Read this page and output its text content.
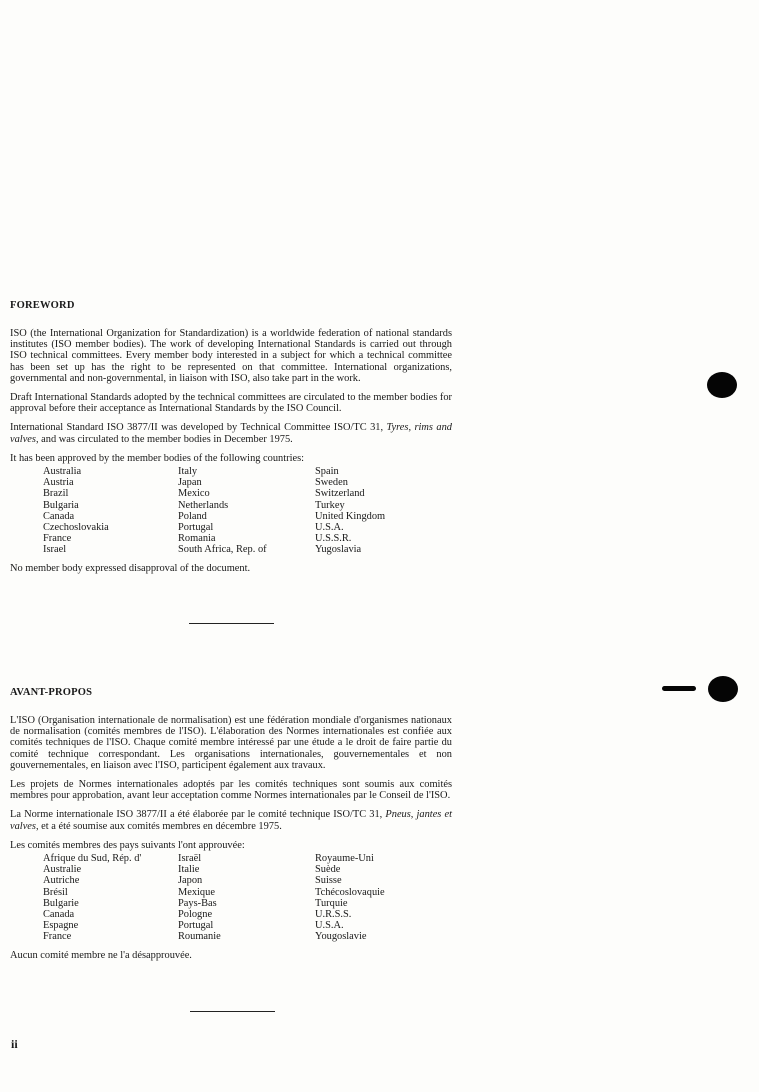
FOREWORD

ISO (the International Organization for Standardization) is a worldwide federation of national standards institutes (ISO member bodies). The work of developing International Standards is carried out through ISO technical committees. Every member body interested in a subject for which a technical committee has been set up has the right to be represented on that committee. International organizations, governmental and non-governmental, in liaison with ISO, also take part in the work.

Draft International Standards adopted by the technical committees are circulated to the member bodies for approval before their acceptance as International Standards by the ISO Council.

International Standard ISO 3877/II was developed by Technical Committee ISO/TC 31, Tyres, rims and valves, and was circulated to the member bodies in December 1975.

It has been approved by the member bodies of the following countries:

Australia
Austria
Brazil
Bulgaria
Canada
Czechoslovakia
France
Israel
Italy
Japan
Mexico
Netherlands
Poland
Portugal
Romania
South Africa, Rep. of
Spain
Sweden
Switzerland
Turkey
United Kingdom
U.S.A.
U.S.S.R.
Yugoslavia

No member body expressed disapproval of the document.

AVANT-PROPOS

L'ISO (Organisation internationale de normalisation) est une fédération mondiale d'organismes nationaux de normalisation (comités membres de l'ISO). L'élaboration des Normes internationales est confiée aux comités techniques de l'ISO. Chaque comité membre intéressé par une étude a le droit de faire partie du comité technique correspondant. Les organisations internationales, gouvernementales et non gouvernementales, en liaison avec l'ISO, participent également aux travaux.

Les projets de Normes internationales adoptés par les comités techniques sont soumis aux comités membres pour approbation, avant leur acceptation comme Normes internationales par le Conseil de l'ISO.

La Norme internationale ISO 3877/II a été élaborée par le comité technique ISO/TC 31, Pneus, jantes et valves, et a été soumise aux comités membres en décembre 1975.

Les comités membres des pays suivants l'ont approuvée:

Afrique du Sud, Rép. d'
Australie
Autriche
Brésil
Bulgarie
Canada
Espagne
France
Israël
Italie
Japon
Mexique
Pays-Bas
Pologne
Portugal
Roumanie
Royaume-Uni
Suède
Suisse
Tchécoslovaquie
Turquie
U.R.S.S.
U.S.A.
Yougoslavie

Aucun comité membre ne l'a désapprouvée.

ii
